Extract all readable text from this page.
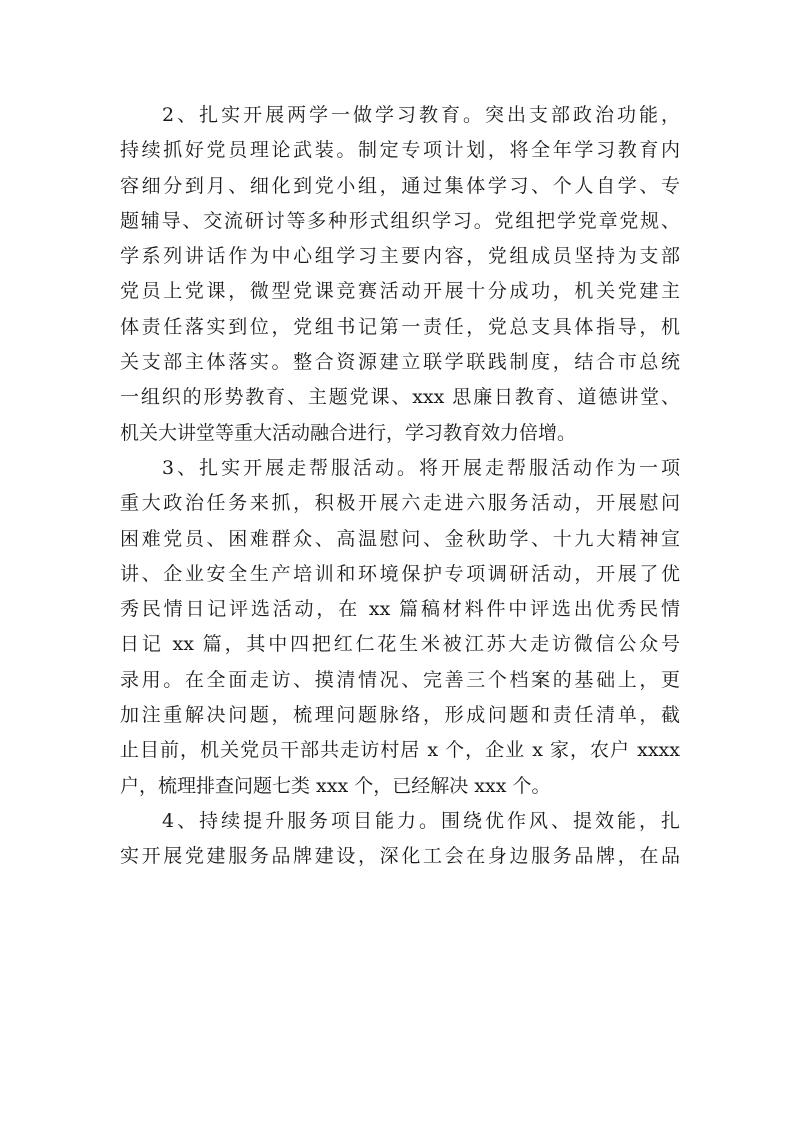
2、扎实开展两学一做学习教育。突出支部政治功能，
持续抓好党员理论武装。制定专项计划，将全年学习教育内
容细分到月、细化到党小组，通过集体学习、个人自学、专
题辅导、交流研讨等多种形式组织学习。党组把学党章党规、
学系列讲话作为中心组学习主要内容，党组成员坚持为支部
党员上党课，微型党课竞赛活动开展十分成功，机关党建主
体责任落实到位，党组书记第一责任，党总支具体指导，机
关支部主体落实。整合资源建立联学联践制度，结合市总统
一组织的形势教育、主题党课、xxx 思廉日教育、道德讲堂、
机关大讲堂等重大活动融合进行，学习教育效力倍增。
3、扎实开展走帮服活动。将开展走帮服活动作为一项
重大政治任务来抓，积极开展六走进六服务活动，开展慰问
困难党员、困难群众、高温慰问、金秋助学、十九大精神宣
讲、企业安全生产培训和环境保护专项调研活动，开展了优
秀民情日记评选活动，在 xx 篇稿材料件中评选出优秀民情
日记 xx 篇，其中四把红仁花生米被江苏大走访微信公众号
录用。在全面走访、摸清情况、完善三个档案的基础上，更
加注重解决问题，梳理问题脉络，形成问题和责任清单，截
止目前，机关党员干部共走访村居 x 个，企业 x 家，农户 xxxx
户，梳理排查问题七类 xxx 个，已经解决 xxx 个。
4、持续提升服务项目能力。围绕优作风、提效能，扎
实开展党建服务品牌建设，深化工会在身边服务品牌，在品
